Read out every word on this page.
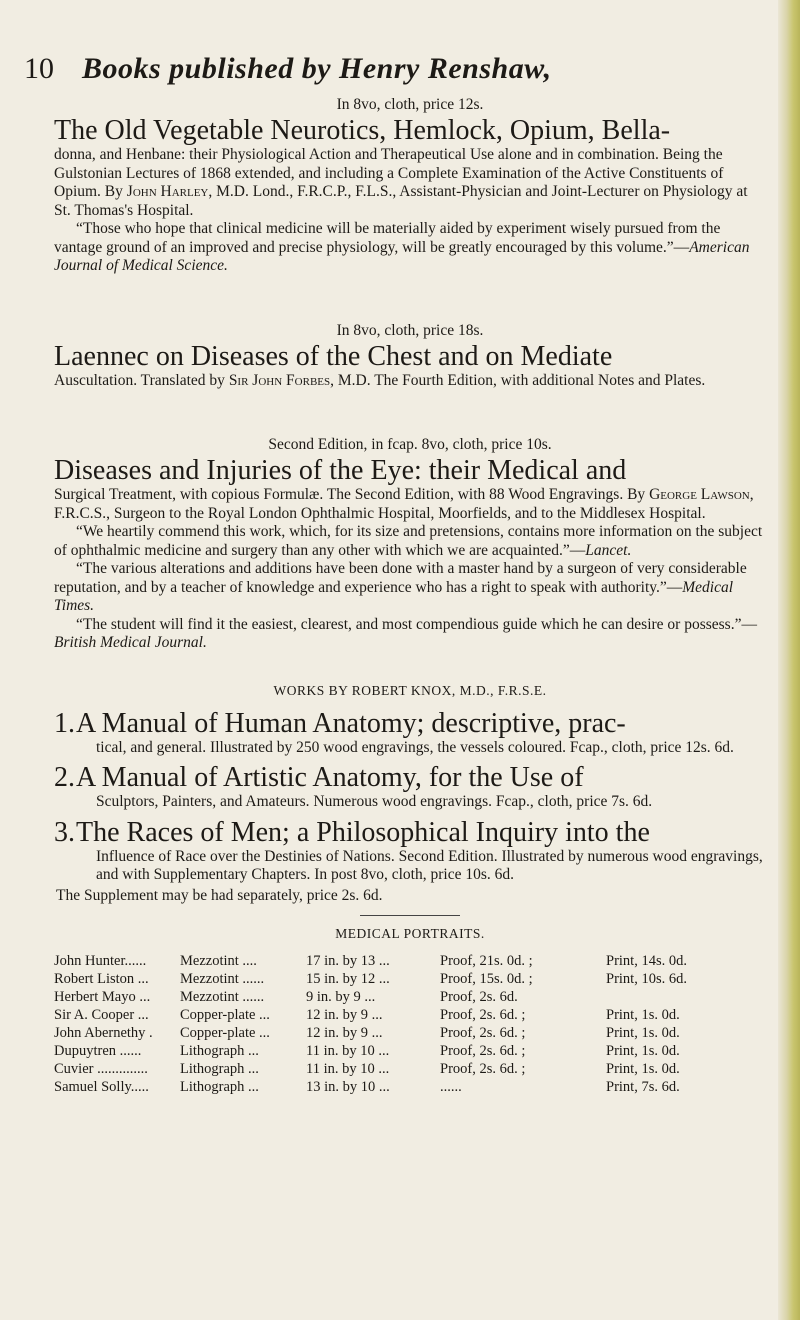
10 Books published by Henry Renshaw,
In 8vo, cloth, price 12s.
The Old Vegetable Neurotics, Hemlock, Opium, Bella-

donna, and Henbane: their Physiological Action and Therapeutical Use alone and in combination. Being the Gulstonian Lectures of 1868 extended, and including a Complete Examination of the Active Constituents of Opium. By John Harley, M.D. Lond., F.R.C.P., F.L.S., Assistant-Physician and Joint-Lecturer on Physiology at St. Thomas's Hospital.

“Those who hope that clinical medicine will be materially aided by experiment wisely pursued from the vantage ground of an improved and precise physiology, will be greatly encouraged by this volume.”—American Journal of Medical Science.

In 8vo, cloth, price 18s.
Laennec on Diseases of the Chest and on Mediate

Auscultation. Translated by Sir John Forbes, M.D. The Fourth Edition, with additional Notes and Plates.

Second Edition, in fcap. 8vo, cloth, price 10s.
Diseases and Injuries of the Eye: their Medical and

Surgical Treatment, with copious Formulæ. The Second Edition, with 88 Wood Engravings. By George Lawson, F.R.C.S., Surgeon to the Royal London Ophthalmic Hospital, Moorfields, and to the Middlesex Hospital.

“We heartily commend this work, which, for its size and pretensions, contains more information on the subject of ophthalmic medicine and surgery than any other with which we are acquainted.”—Lancet.

“The various alterations and additions have been done with a master hand by a surgeon of very considerable reputation, and by a teacher of knowledge and experience who has a right to speak with authority.”—Medical Times.

“The student will find it the easiest, clearest, and most compendious guide which he can desire or possess.”—British Medical Journal.

WORKS BY ROBERT KNOX, M.D., F.R.S.E.
1. A Manual of Human Anatomy; descriptive, prac-

tical, and general. Illustrated by 250 wood engravings, the vessels coloured. Fcap., cloth, price 12s. 6d.

2. A Manual of Artistic Anatomy, for the Use of

Sculptors, Painters, and Amateurs. Numerous wood engravings. Fcap., cloth, price 7s. 6d.

3. The Races of Men; a Philosophical Inquiry into the

Influence of Race over the Destinies of Nations. Second Edition. Illustrated by numerous wood engravings, and with Supplementary Chapters. In post 8vo, cloth, price 10s. 6d.

The Supplement may be had separately, price 2s. 6d.

MEDICAL PORTRAITS.
John Hunter......	Mezzotint ....	17 in. by 13 ...	Proof, 21s. 0d. ;	Print, 14s. 0d.
Robert Liston ...	Mezzotint ......	15 in. by 12 ...	Proof, 15s. 0d. ;	Print, 10s. 6d.
Herbert Mayo ...	Mezzotint ......	9 in. by 9 ...	Proof, 2s. 6d.	
Sir A. Cooper ...	Copper-plate ...	12 in. by 9 ...	Proof, 2s. 6d. ;	Print, 1s. 0d.
John Abernethy .	Copper-plate ...	12 in. by 9 ...	Proof, 2s. 6d. ;	Print, 1s. 0d.
Dupuytren ......	Lithograph ...	11 in. by 10 ...	Proof, 2s. 6d. ;	Print, 1s. 0d.
Cuvier ..............	Lithograph ...	11 in. by 10 ...	Proof, 2s. 6d. ;	Print, 1s. 0d.
Samuel Solly.....	Lithograph ...	13 in. by 10 ...	......	Print, 7s. 6d.
